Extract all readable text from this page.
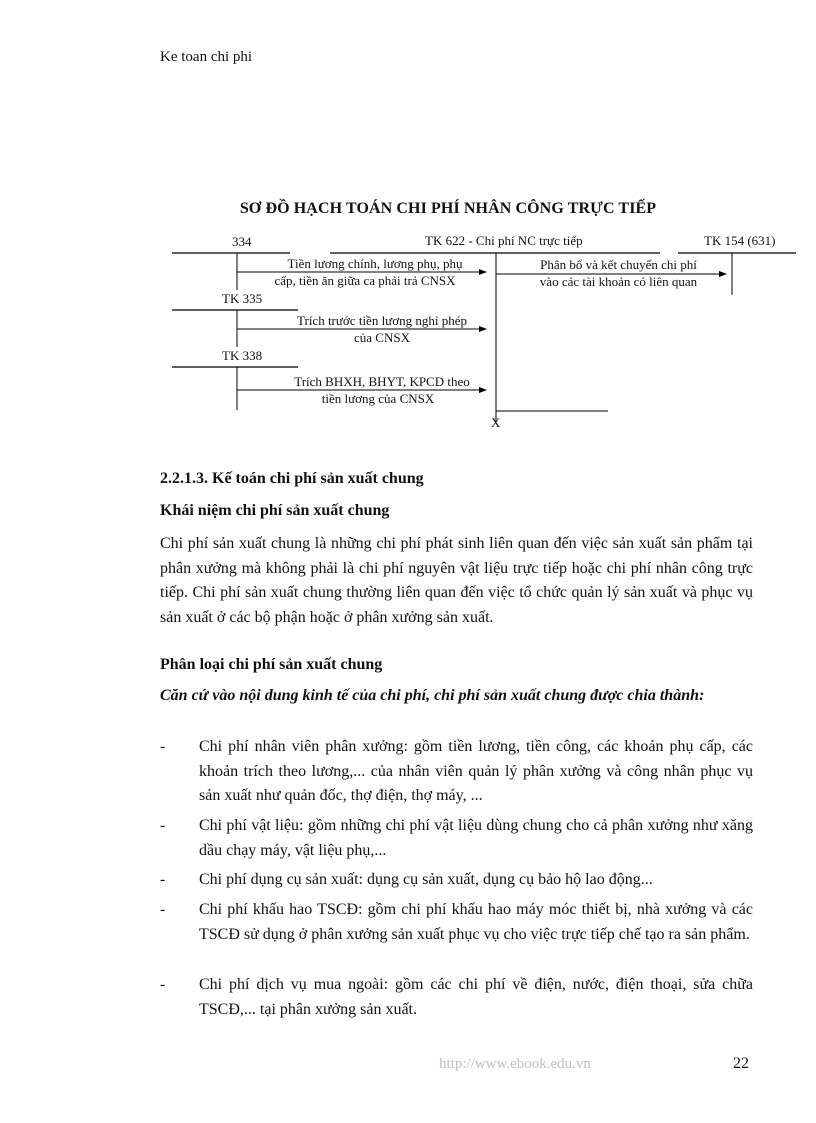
Ke toan chi phi
SƠ ĐỒ HẠCH TOÁN CHI PHÍ NHÂN CÔNG TRỰC TIẾP
334	TK 622 - Chi phí NC trực tiếp	TK 154 (631)
TK 335
TK 338
Tiền lương chính, lương phụ, phụ
cấp, tiền ăn giữa ca phải trả CNSX
Phân bổ và kết chuyển chi phí
vào các tài khoản có liên quan
Trích trước tiền lương nghỉ phép
của CNSX
Trích BHXH, BHYT, KPCD theo
tiền lương của CNSX
X
2.2.1.3. Kế toán chi phí sản xuất chung
Khái niệm chi phí sản xuất chung
Chi phí sản xuất chung là những chi phí phát sinh liên quan đến việc sản xuất sản phẩm tại phân xưởng mà không phải là chi phí nguyên vật liệu trực tiếp hoặc chi phí nhân công trực tiếp. Chi phí sản xuất chung thường liên quan đến việc tổ chức quản lý sản xuất và phục vụ sản xuất ở các bộ phận hoặc ở phân xưởng sản xuất.
Phân loại chi phí sản xuất chung
Căn cứ vào nội dung kinh tế của chi phí, chi phí sản xuất chung được chia thành:
- Chi phí nhân viên phân xưởng: gồm tiền lương, tiền công, các khoản phụ cấp, các khoản trích theo lương,... của nhân viên quản lý phân xưởng và công nhân phục vụ sản xuất như quản đốc, thợ điện, thợ máy, ...
- Chi phí vật liệu: gồm những chi phí vật liệu dùng chung cho cả phân xưởng như xăng dầu chạy máy, vật liệu phụ,...
- Chi phí dụng cụ sản xuất: dụng cụ sản xuất, dụng cụ bảo hộ lao động...
- Chi phí khấu hao TSCĐ: gồm chi phí khấu hao máy móc thiết bị, nhà xưởng và các TSCĐ sử dụng ở phân xưởng sản xuất phục vụ cho việc trực tiếp chế tạo ra sản phẩm.
- Chi phí dịch vụ mua ngoài: gồm các chi phí về điện, nước, điện thoại, sửa chữa TSCĐ,... tại phân xưởng sản xuất.
http://www.ebook.edu.vn	22
